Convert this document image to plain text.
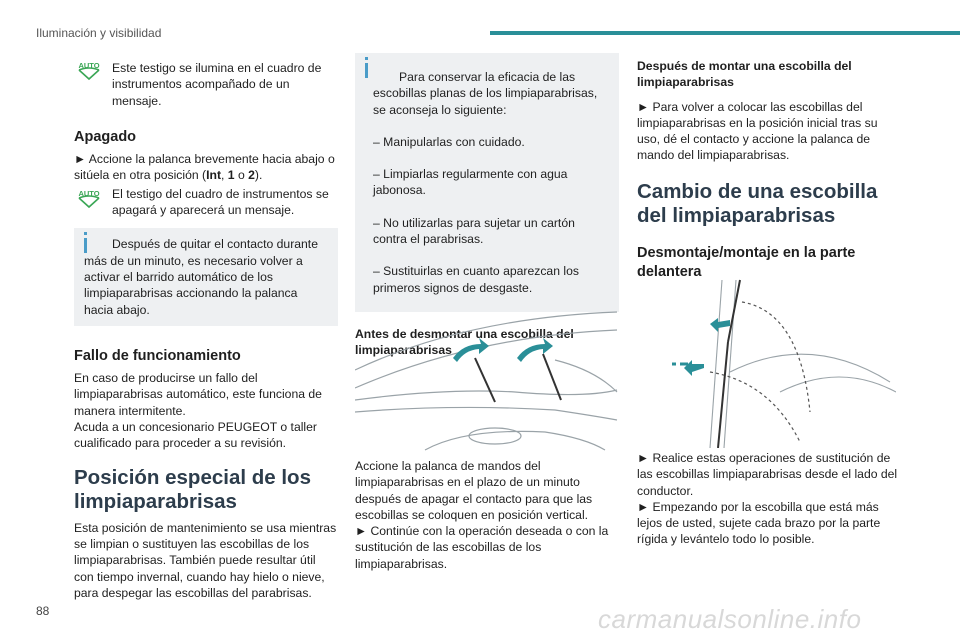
Iluminación y visibilidad
AUTO	Este testigo se ilumina en el cuadro de instrumentos acompañado de un mensaje.

Apagado

► Accione la palanca brevemente hacia abajo o sitúela en otra posición (Int, 1 o 2).

AUTO	El testigo del cuadro de instrumentos se apagará y aparecerá un mensaje.

Después de quitar el contacto durante más de un minuto, es necesario volver a activar el barrido automático de los limpiaparabrisas accionando la palanca hacia abajo.

Fallo de funcionamiento

En caso de producirse un fallo del limpiaparabrisas automático, este funciona de manera intermitente.

Acuda a un concesionario PEUGEOT o taller cualificado para proceder a su revisión.

Posición especial de los limpiaparabrisas

Esta posición de mantenimiento se usa mientras se limpian o sustituyen las escobillas de los limpiaparabrisas. También puede resultar útil con tiempo invernal, cuando hay hielo o nieve, para despegar las escobillas del parabrisas.

Para conservar la eficacia de las escobillas planas de los limpiaparabrisas, se aconseja lo siguiente:

– Manipularlas con cuidado.

– Limpiarlas regularmente con agua jabonosa.

– No utilizarlas para sujetar un cartón contra el parabrisas.

– Sustituirlas en cuanto aparezcan los primeros signos de desgaste.

Antes de desmontar una escobilla del limpiaparabrisas

Accione la palanca de mandos del limpiaparabrisas en el plazo de un minuto después de apagar el contacto para que las escobillas se coloquen en posición vertical.

► Continúe con la operación deseada o con la sustitución de las escobillas de los limpiaparabrisas.

Después de montar una escobilla del limpiaparabrisas

► Para volver a colocar las escobillas del limpiaparabrisas en la posición inicial tras su uso, dé el contacto y accione la palanca de mando del limpiaparabrisas.

Cambio de una escobilla del limpiaparabrisas

Desmontaje/montaje en la parte delantera

► Realice estas operaciones de sustitución de las escobillas limpiaparabrisas desde el lado del conductor.

► Empezando por la escobilla que está más lejos de usted, sujete cada brazo por la parte rígida y levántelo todo lo posible.

88	carmanualsonline.info
